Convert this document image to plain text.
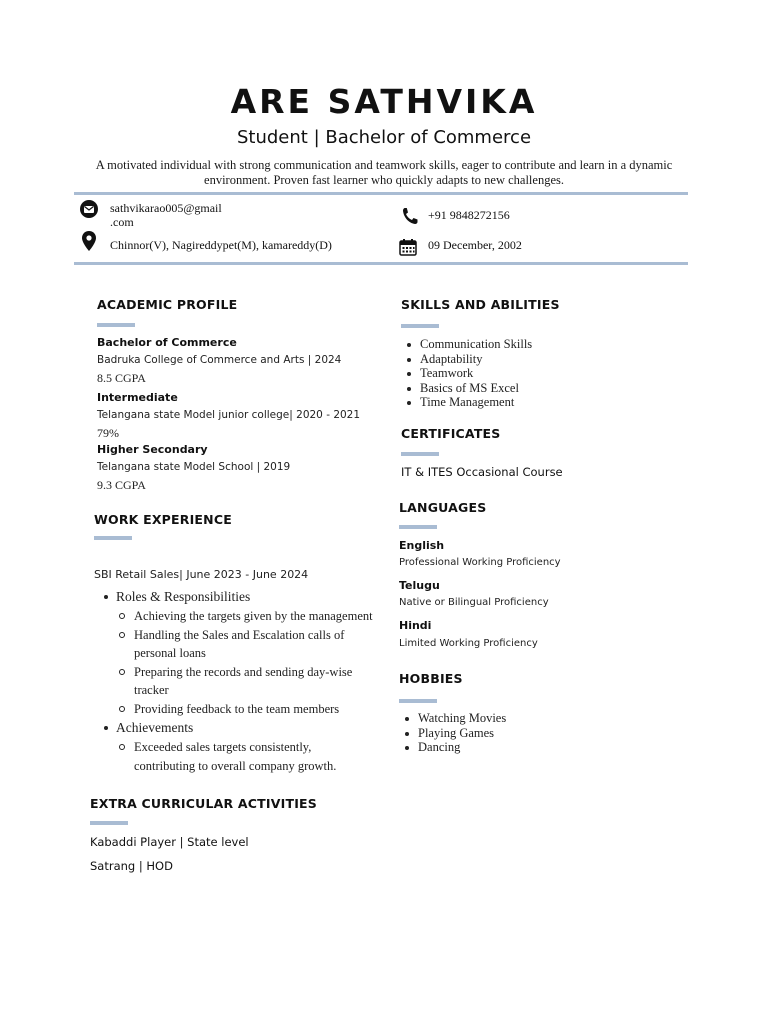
ARE SATHVIKA
Student | Bachelor of Commerce
A motivated individual with strong communication and teamwork skills, eager to contribute and learn in a dynamic environment. Proven fast learner who quickly adapts to new challenges.
sathvikarao005@gmail
.com	+91 9848272156
Chinnor(V), Nagireddypet(M), kamareddy(D)	09 December, 2002
ACADEMIC PROFILE
Bachelor of Commerce
Badruka College of Commerce and Arts | 2024
8.5 CGPA
Intermediate
Telangana state Model junior college| 2020 - 2021
79%
Higher Secondary
Telangana state Model School | 2019
9.3 CGPA
WORK EXPERIENCE
SBI Retail Sales| June 2023 - June 2024
Roles & Responsibilities
Achieving the targets given by the management
Handling the Sales and Escalation calls of personal loans
Preparing the records and sending day-wise tracker
Providing feedback to the team members
Achievements
Exceeded sales targets consistently, contributing to overall company growth.
EXTRA CURRICULAR ACTIVITIES
Kabaddi Player | State level
Satrang | HOD
SKILLS AND ABILITIES
Communication Skills
Adaptability
Teamwork
Basics of MS Excel
Time Management
CERTIFICATES
IT & ITES Occasional Course
LANGUAGES
English
Professional Working Proficiency
Telugu
Native or Bilingual Proficiency
Hindi
Limited Working Proficiency
HOBBIES
Watching Movies
Playing Games
Dancing
